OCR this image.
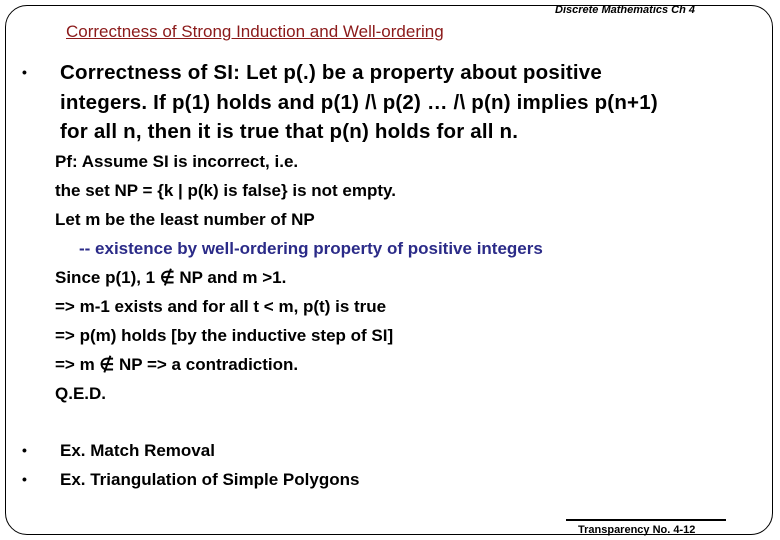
Discrete Mathematics Ch 4
Correctness of Strong Induction and Well-ordering
• Correctness of SI: Let p(.) be a property about positive
integers. If p(1) holds and p(1) /\ p(2) … /\ p(n) implies p(n+1)
for all n, then it is true that p(n) holds for all n.
Pf: Assume SI is incorrect, i.e.
the set NP = {k | p(k) is false} is not empty.
Let m be the least number of NP
-- existence by well-ordering property of positive integers
Since p(1), 1 ∉ NP and m >1.
=> m-1 exists and for all t < m, p(t) is true
=> p(m) holds [by the inductive step of SI]
=> m ∉ NP => a contradiction.
Q.E.D.
•
•
Ex. Match Removal
Ex. Triangulation of Simple Polygons
Transparency No. 4-12
